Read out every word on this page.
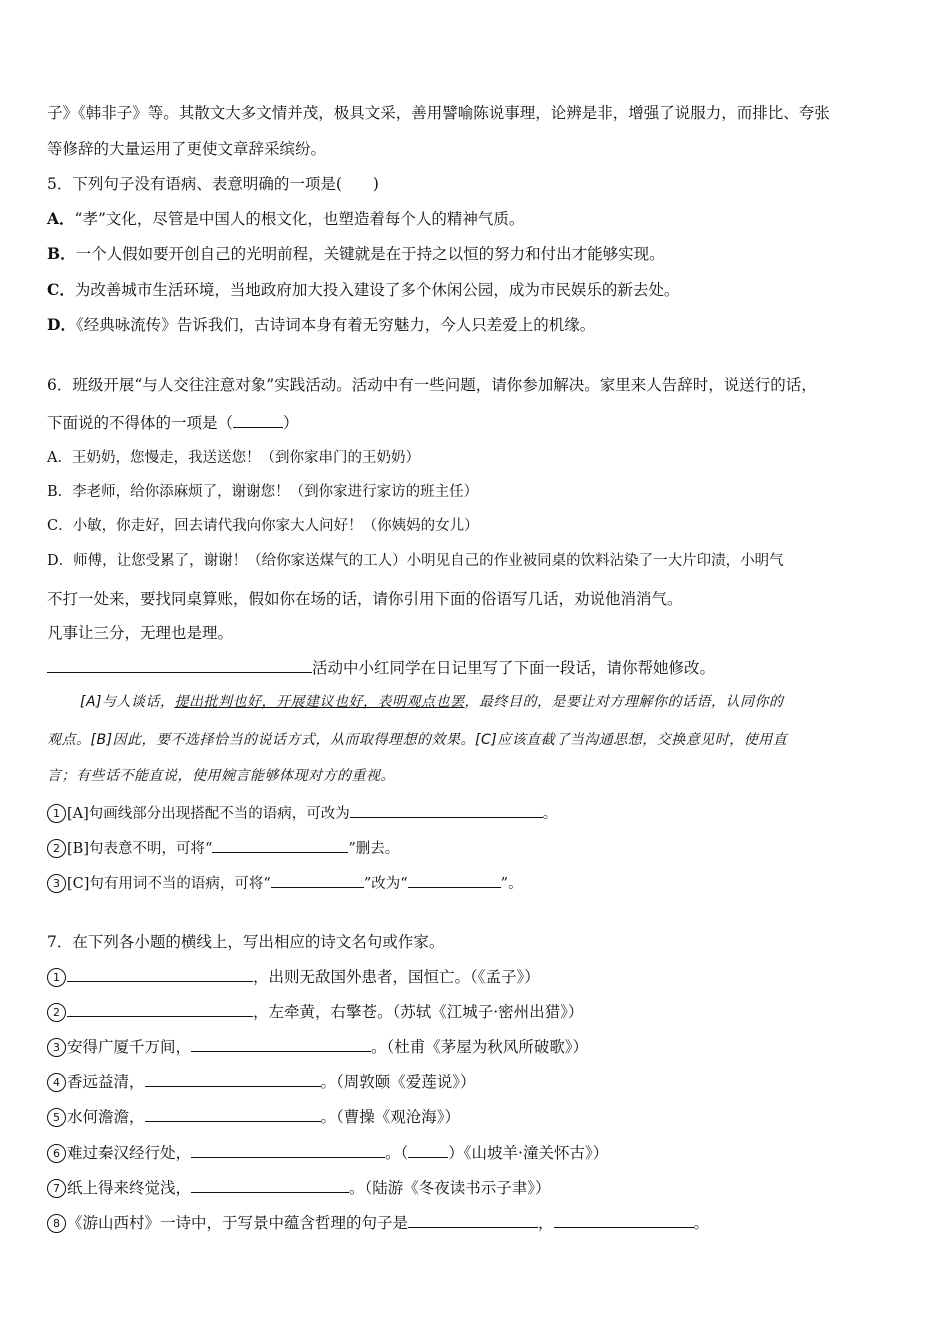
子》《韩非子》等。其散文大多文情并茂，极具文采，善用譬喻陈说事理，论辨是非，增强了说服力，而排比、夸张
等修辞的大量运用了更使文章辞采缤纷。
5．下列句子没有语病、表意明确的一项是(　　)
A．“孝”文化，尽管是中国人的根文化，也塑造着每个人的精神气质。
B．一个人假如要开创自己的光明前程，关键就是在于持之以恒的努力和付出才能够实现。
C．为改善城市生活环境，当地政府加大投入建设了多个休闲公园，成为市民娱乐的新去处。
D．《经典咏流传》告诉我们，古诗词本身有着无穷魅力，今人只差爱上的机缘。
6．班级开展“与人交往注意对象”实践活动。活动中有一些问题，请你参加解决。家里来人告辞时，说送行的话，
下面说的不得体的一项是（	）
A．王奶奶，您慢走，我送送您！（到你家串门的王奶奶）
B．李老师，给你添麻烦了，谢谢您！（到你家进行家访的班主任）
C．小敏，你走好，回去请代我向你家大人问好！（你姨妈的女儿）
D．师傅，让您受累了，谢谢！（给你家送煤气的工人）小明见自己的作业被同桌的饮料沾染了一大片印渍，小明气
不打一处来，要找同桌算账，假如你在场的话，请你引用下面的俗语写几话，劝说他消消气。
凡事让三分，无理也是理。
活动中小红同学在日记里写了下面一段话，请你帮她修改。
[A]与人谈话，提出批判也好，开展建议也好，表明观点也罢，最终目的，是要让对方理解你的话语，认同你的
观点。[B]因此，要不选择恰当的说话方式，从而取得理想的效果。[C]应该直截了当沟通思想，交换意见时，使用直
言；有些话不能直说，使用婉言能够体现对方的重视。
1 [A]句画线部分出现搭配不当的语病，可改为	。
2 [B]句表意不明，可将“	”删去。
3 [C]句有用词不当的语病，可将“	”改为“	”。
7．在下列各小题的横线上，写出相应的诗文名句或作家。
1	，出则无敌国外患者，国恒亡。（《孟子》）
2	，左牵黄，右擎苍。（苏轼《江城子·密州出猎》）
3 安得广厦千万间，	。（杜甫《茅屋为秋风所破歌》）
4 香远益清，	。（周敦颐《爱莲说》）
5 水何澹澹，	。（曹操《观沧海》）
6 难过秦汉经行处，	。（	）《山坡羊·潼关怀古》）
7 纸上得来终觉浅，	。（陆游《冬夜读书示子聿》）
8 《游山西村》一诗中，于写景中蕴含哲理的句子是	，	。
